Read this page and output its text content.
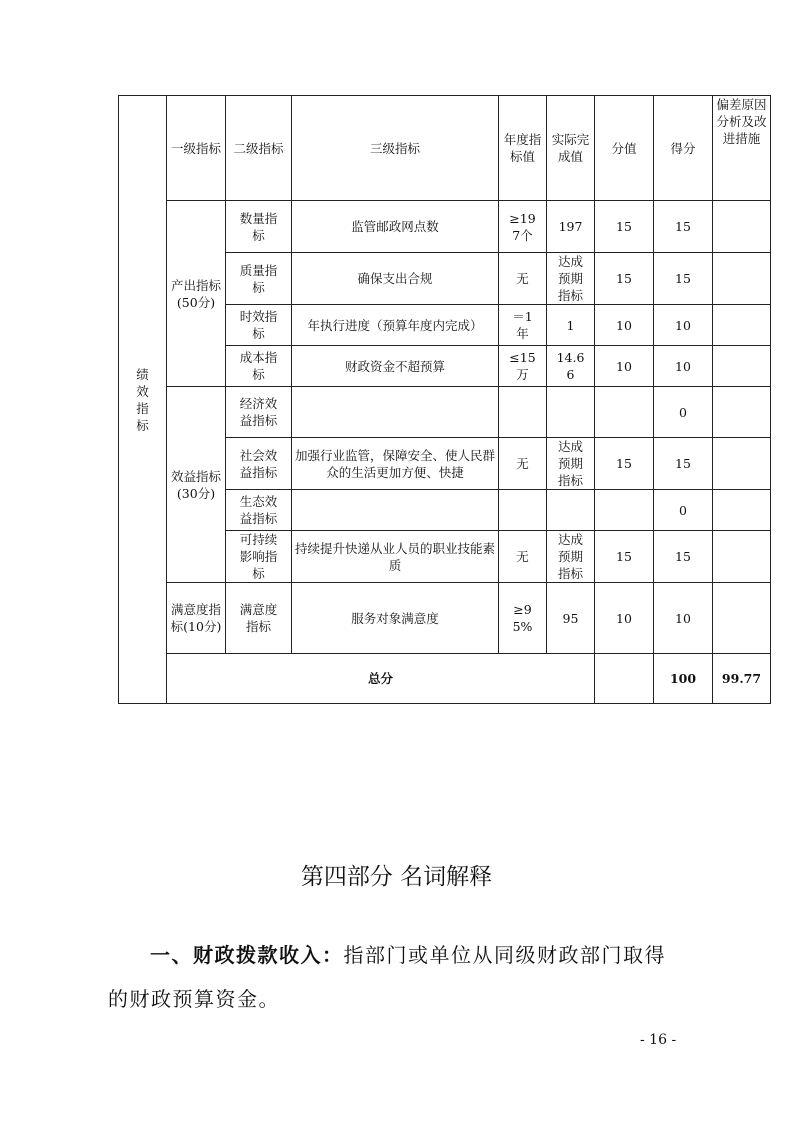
绩效指标	一级指标	二级指标	三级指标	年度指标值	实际完成值	分值	得分	偏差原因分析及改进措施	
	产出指标(50分)	数量指标	监管邮政网点数	≥197个	197	15	15		
		质量指标	确保支出合规	无	达成预期指标	15	15		
		时效指标	年执行进度（预算年度内完成）	＝1年	1	10	10		
		成本指标	财政资金不超预算	≤15万	14.66	10	10		
	效益指标(30分)	经济效益指标					0		
		社会效益指标	加强行业监管，保障安全、使人民群众的生活更加方便、快捷	无	达成预期指标	15	15		
		生态效益指标					0		
		可持续影响指标	持续提升快递从业人员的职业技能素质	无	达成预期指标	15	15		
	满意度指标(10分)	满意度指标	服务对象满意度	≥95%	95	10	10		
	总分						100	99.77	
第四部分 名词解释
一、财政拨款收入：指部门或单位从同级财政部门取得的财政预算资金。
- 16 -
